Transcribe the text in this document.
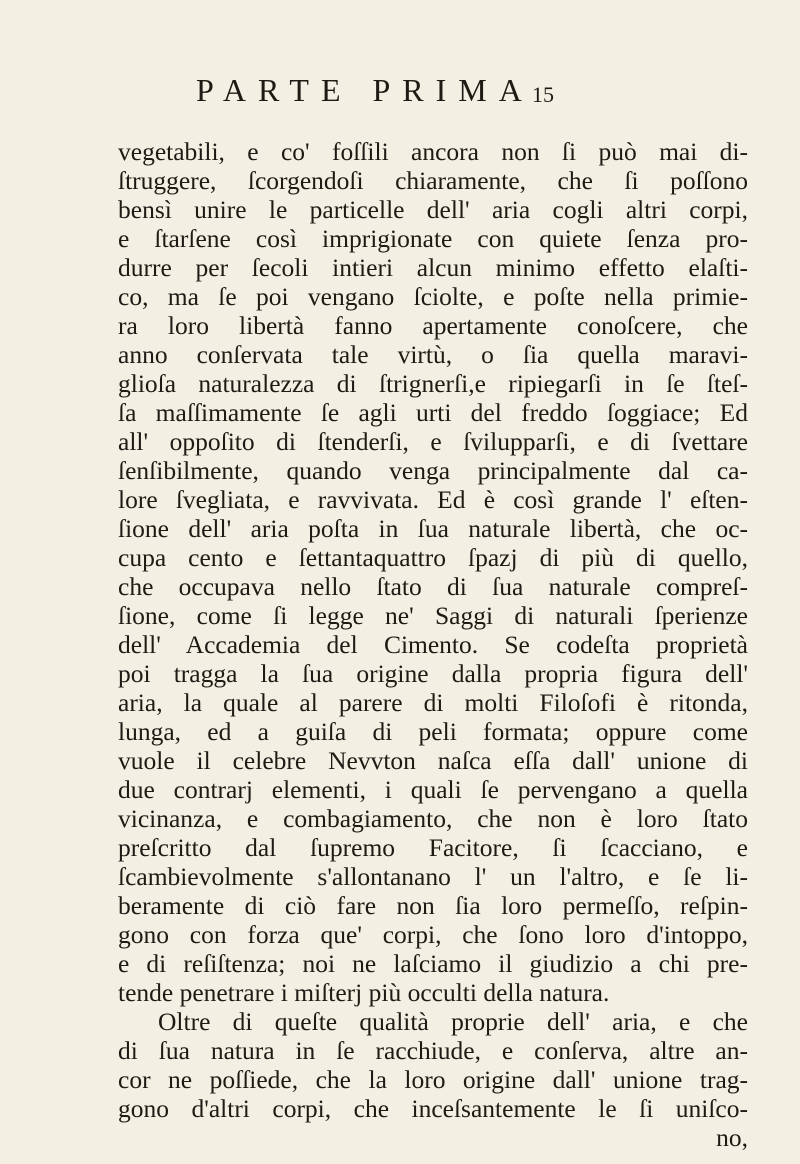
PARTE PRIMA
15
vegetabili, e co' foſſili ancora non ſi può mai di-
ſtruggere, ſcorgendoſi chiaramente, che ſi poſſono
bensì unire le particelle dell' aria cogli altri corpi,
e ſtarſene così imprigionate con quiete ſenza pro-
durre per ſecoli intieri alcun minimo effetto elaſti-
co, ma ſe poi vengano ſciolte, e poſte nella primie-
ra loro libertà fanno apertamente conoſcere, che
anno conſervata tale virtù, o ſia quella maravi-
glioſa naturalezza di ſtrignerſi,e ripiegarſi in ſe ſteſ-
ſa maſſimamente ſe agli urti del freddo ſoggiace; Ed
all' oppoſito di ſtenderſi, e ſvilupparſi, e di ſvettare
ſenſibilmente, quando venga principalmente dal ca-
lore ſvegliata, e ravvivata. Ed è così grande l' eſten-
ſione dell' aria poſta in ſua naturale libertà, che oc-
cupa cento e ſettantaquattro ſpazj di più di quello,
che occupava nello ſtato di ſua naturale compreſ-
ſione, come ſi legge ne' Saggi di naturali ſperienze
dell' Accademia del Cimento. Se codeſta proprietà
poi tragga la ſua origine dalla propria figura dell'
aria, la quale al parere di molti Filoſofi è ritonda,
lunga, ed a guiſa di peli formata; oppure come
vuole il celebre Nevvton naſca eſſa dall' unione di
due contrarj elementi, i quali ſe pervengano a quella
vicinanza, e combagiamento, che non è loro ſtato
preſcritto dal ſupremo Facitore, ſi ſcacciano, e
ſcambievolmente s'allontanano l' un l'altro, e ſe li-
beramente di ciò fare non ſia loro permeſſo, reſpin-
gono con forza que' corpi, che ſono loro d'intoppo,
e di reſiſtenza; noi ne laſciamo il giudizio a chi pre-
tende penetrare i miſterj più occulti della natura.
Oltre di queſte qualità proprie dell' aria, e che
di ſua natura in ſe racchiude, e conſerva, altre an-
cor ne poſſiede, che la loro origine dall' unione trag-
gono d'altri corpi, che inceſsantemente le ſi uniſco-
no,
